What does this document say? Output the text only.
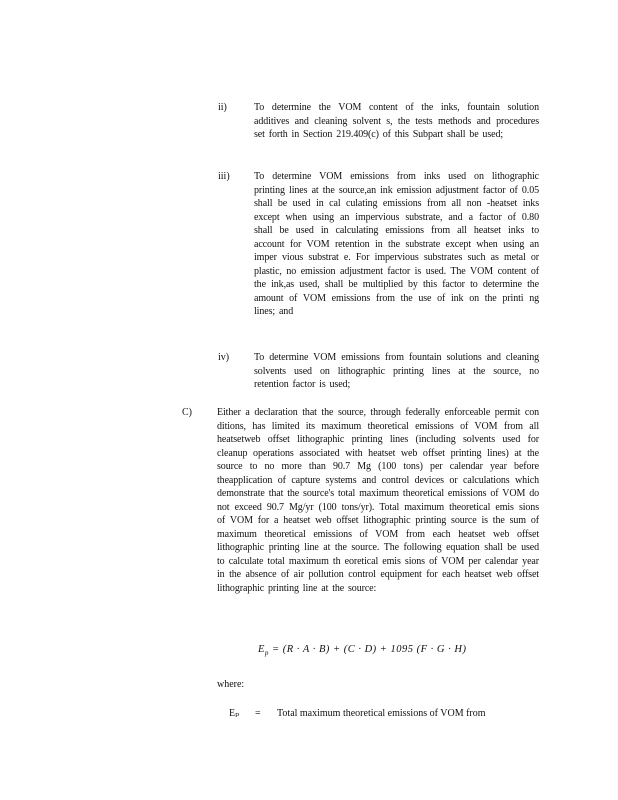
ii)	To determine the VOM content of the inks, fountain solution additives and cleaning solvent s, the tests methods and procedures set forth in Section 219.409(c) of this Subpart shall be used;
iii) To determine VOM emissions from inks used on lithographic printing lines at the source,an ink emission adjustment factor of 0.05 shall be used in cal culating emissions from all non -heatset inks except when using an impervious substrate, and a factor of 0.80 shall be used in calculating emissions from all heatset inks to account for VOM retention in the substrate except when using an imper vious substrat e. For impervious substrates such as metal or plastic, no emission adjustment factor is used. The VOM content of the ink,as used, shall be multiplied by this factor to determine the amount of VOM emissions from the use of ink on the printi ng lines; and
iv) To determine VOM emissions from fountain solutions and cleaning solvents used on lithographic printing lines at the source, no retention factor is used;
C)	Either a declaration that the source, through federally enforceable permit con ditions, has limited its maximum theoretical emissions of VOM from all heatsetweb offset lithographic printing lines (including solvents used for cleanup operations associated with heatset web offset printing lines) at the source to no more than 90.7 Mg (100 tons) per calendar year before theapplication of capture systems and control devices or calculations which demonstrate that the source's total maximum theoretical emissions of VOM do not exceed 90.7 Mg/yr (100 tons/yr). Total maximum theoretical emis sions of VOM for a heatset web offset lithographic printing source is the sum of maximum theoretical emissions of VOM from each heatset web offset lithographic printing line at the source. The following equation shall be used to calculate total maximum th eoretical emis sions of VOM per calendar year in the absence of air pollution control equipment for each heatset web offset lithographic printing line at the source:
$E_p = (R \cdot A \cdot B) + (C \cdot D) + 1095$ (F · G · H)
where:
Eₚ = Total maximum theoretical emissions of VOM from
